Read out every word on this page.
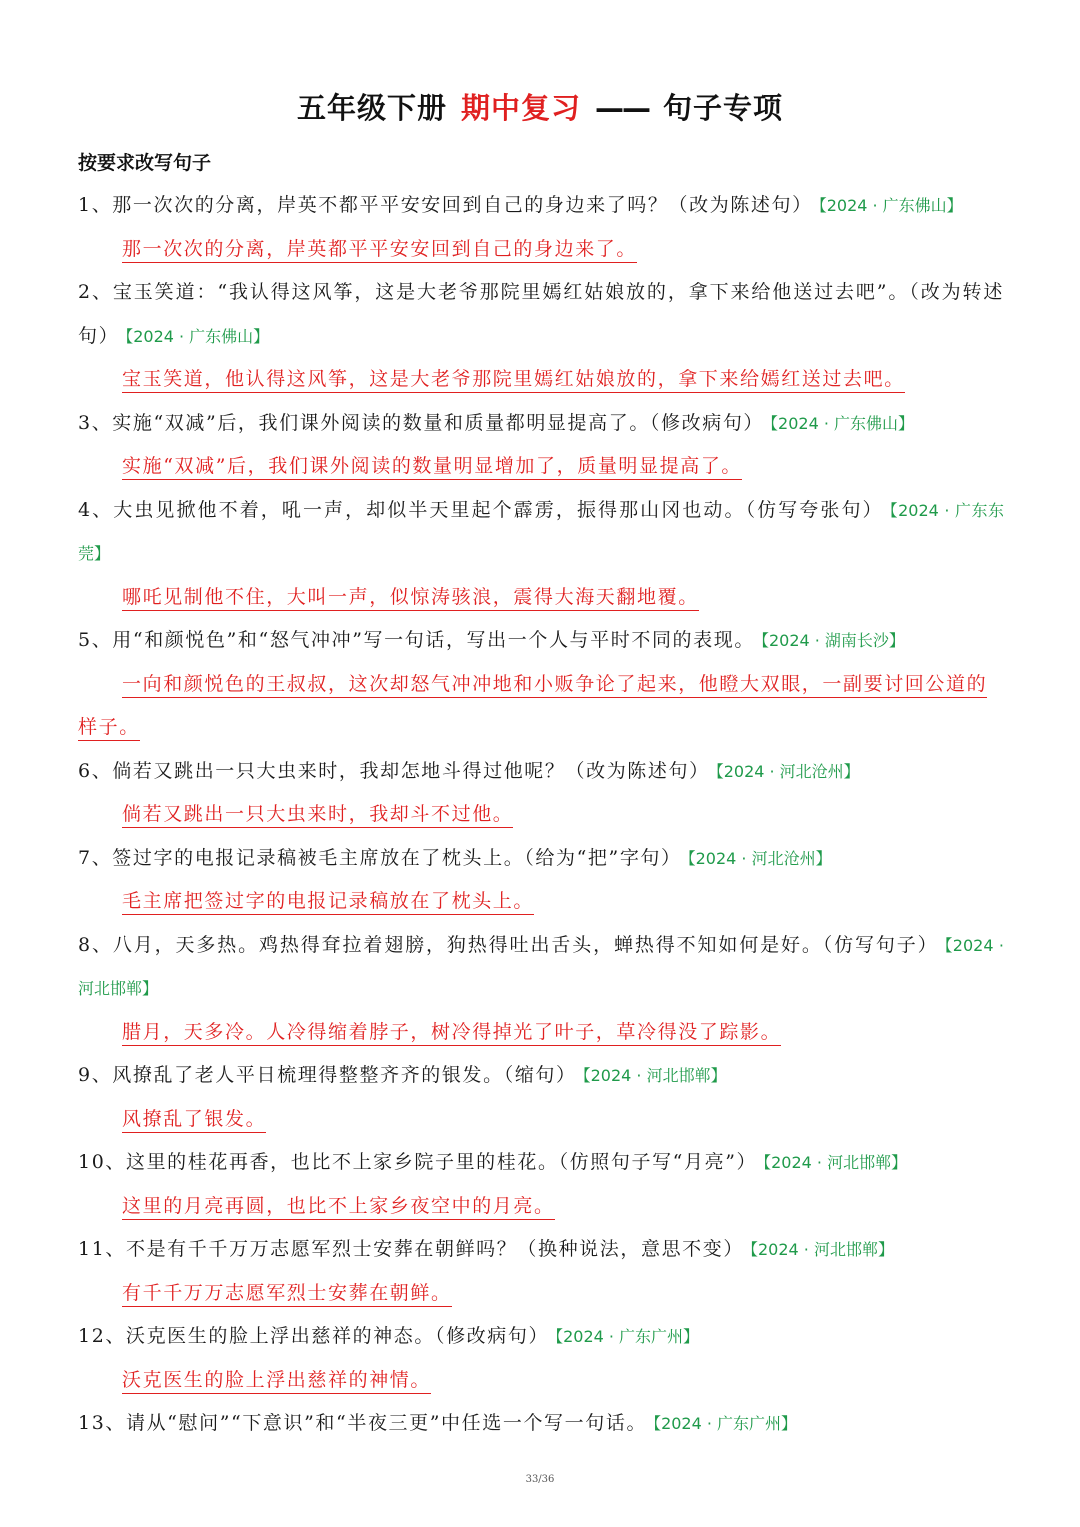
五年级下册 期中复习 —— 句子专项
按要求改写句子
1、那一次次的分离，岸英不都平平安安回到自己的身边来了吗？（改为陈述句） 【2024 · 广东佛山】
那一次次的分离，岸英都平平安安回到自己的身边来了。
2、宝玉笑道：“我认得这风筝，这是大老爷那院里嫣红姑娘放的，拿下来给他送过去吧”。（改为转述句） 【2024 · 广东佛山】
宝玉笑道，他认得这风筝，这是大老爷那院里嫣红姑娘放的，拿下来给嫣红送过去吧。
3、实施“双减”后，我们课外阅读的数量和质量都明显提高了。（修改病句） 【2024 · 广东佛山】
实施“双减”后，我们课外阅读的数量明显增加了，质量明显提高了。
4、大虫见掀他不着，吼一声，却似半天里起个霹雳，振得那山冈也动。（仿写夸张句） 【2024 · 广东东莞】
哪吒见制他不住，大叫一声，似惊涛骇浪，震得大海天翻地覆。
5、用“和颜悦色”和“怒气冲冲”写一句话，写出一个人与平时不同的表现。 【2024 · 湖南长沙】
一向和颜悦色的王叔叔，这次却怒气冲冲地和小贩争论了起来，他瞪大双眼，一副要讨回公道的样子。
6、倘若又跳出一只大虫来时，我却怎地斗得过他呢？（改为陈述句） 【2024 · 河北沧州】
倘若又跳出一只大虫来时，我却斗不过他。
7、签过字的电报记录稿被毛主席放在了枕头上。（给为“把”字句） 【2024 · 河北沧州】
毛主席把签过字的电报记录稿放在了枕头上。
8、八月，天多热。鸡热得耷拉着翅膀，狗热得吐出舌头，蝉热得不知如何是好。（仿写句子） 【2024 · 河北邯郸】
腊月，天多冷。人冷得缩着脖子，树冷得掉光了叶子，草冷得没了踪影。
9、风撩乱了老人平日梳理得整整齐齐的银发。（缩句） 【2024 · 河北邯郸】
风撩乱了银发。
10、这里的桂花再香，也比不上家乡院子里的桂花。（仿照句子写“月亮”） 【2024 · 河北邯郸】
这里的月亮再圆，也比不上家乡夜空中的月亮。
11、不是有千千万万志愿军烈士安葬在朝鲜吗？（换种说法，意思不变） 【2024 · 河北邯郸】
有千千万万志愿军烈士安葬在朝鲜。
12、沃克医生的脸上浮出慈祥的神态。（修改病句） 【2024 · 广东广州】
沃克医生的脸上浮出慈祥的神情。
13、请从“慰问”“下意识”和“半夜三更”中任选一个写一句话。 【2024 · 广东广州】
33/36
